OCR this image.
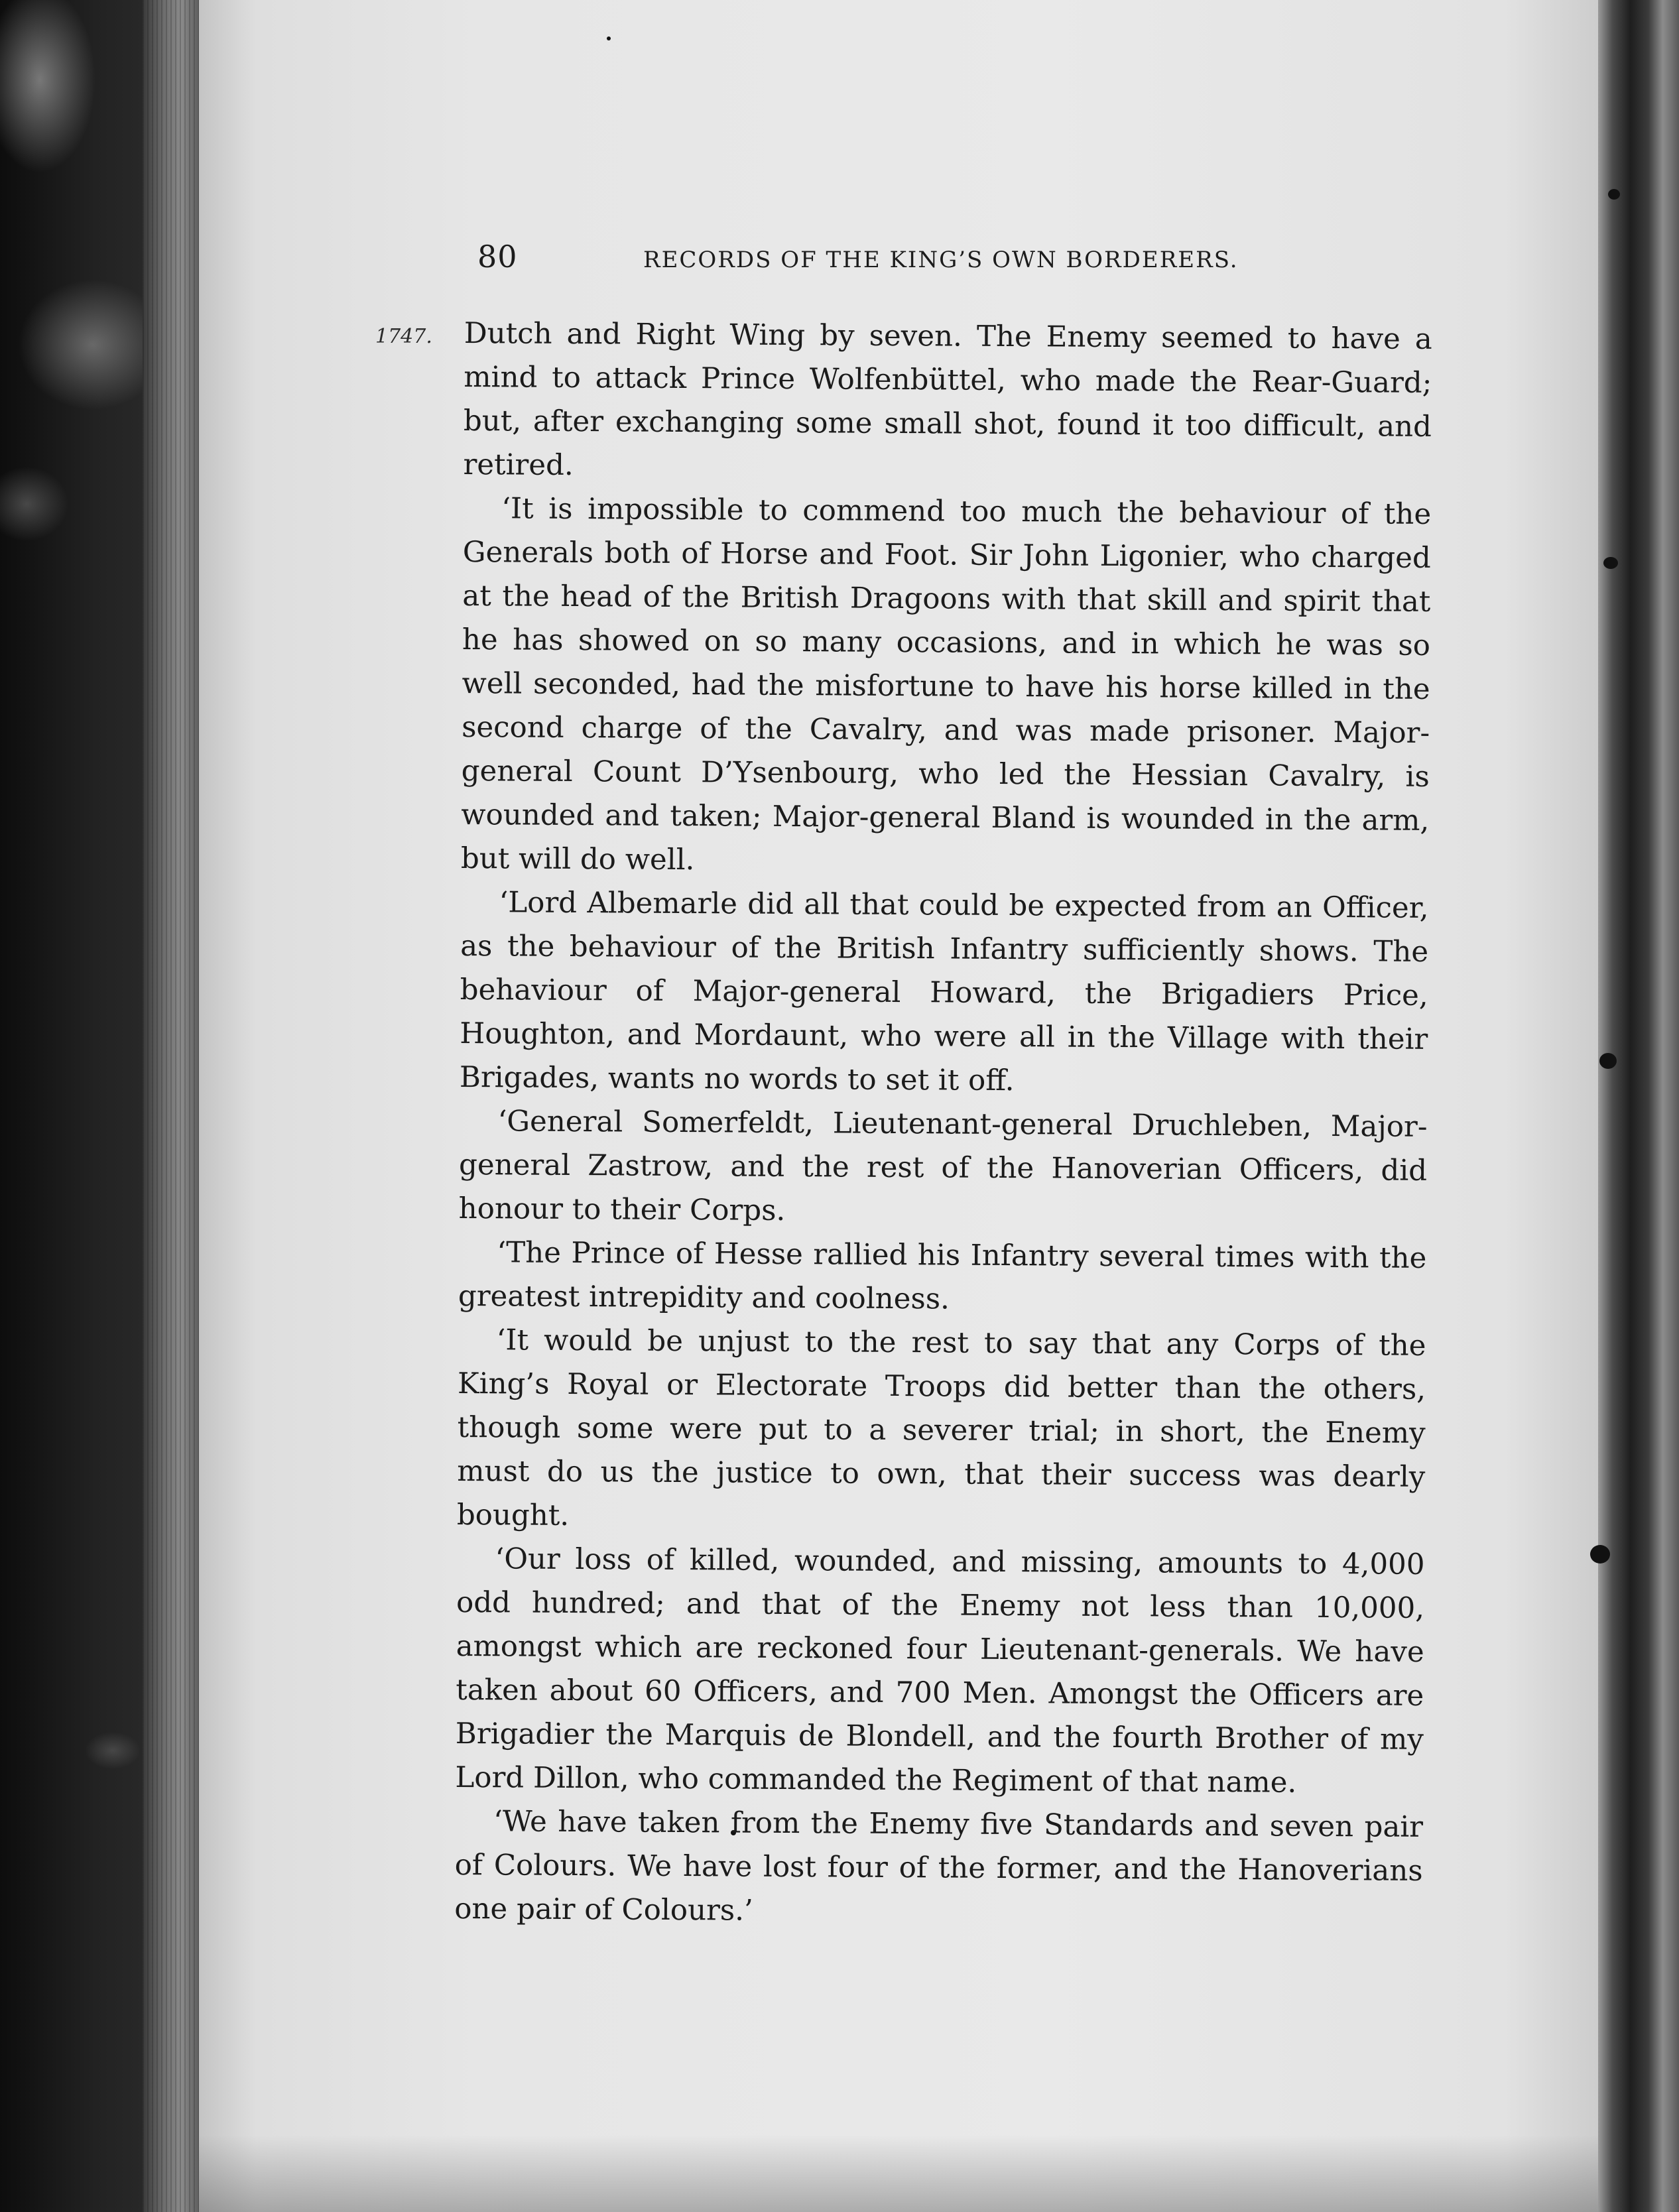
80	RECORDS OF THE KING’S OWN BORDERERS.
1747. Dutch and Right Wing by seven. The Enemy seemed to have a mind to attack Prince Wolfenbüttel, who made the Rear-Guard; but, after exchanging some small shot, found it too difficult, and retired.

‘It is impossible to commend too much the behaviour of the Generals both of Horse and Foot. Sir John Ligonier, who charged at the head of the British Dragoons with that skill and spirit that he has showed on so many occasions, and in which he was so well seconded, had the misfortune to have his horse killed in the second charge of the Cavalry, and was made prisoner. Major-general Count D’Ysenbourg, who led the Hessian Cavalry, is wounded and taken; Major-general Bland is wounded in the arm, but will do well.

‘Lord Albemarle did all that could be expected from an Officer, as the behaviour of the British Infantry sufficiently shows. The behaviour of Major-general Howard, the Brigadiers Price, Houghton, and Mordaunt, who were all in the Village with their Brigades, wants no words to set it off.

‘General Somerfeldt, Lieutenant-general Druchleben, Major-general Zastrow, and the rest of the Hanoverian Officers, did honour to their Corps.

‘The Prince of Hesse rallied his Infantry several times with the greatest intrepidity and coolness.

‘It would be unjust to the rest to say that any Corps of the King’s Royal or Electorate Troops did better than the others, though some were put to a severer trial; in short, the Enemy must do us the justice to own, that their success was dearly bought.

‘Our loss of killed, wounded, and missing, amounts to 4,000 odd hundred; and that of the Enemy not less than 10,000, amongst which are reckoned four Lieutenant-generals. We have taken about 60 Officers, and 700 Men. Amongst the Officers are Brigadier the Marquis de Blondell, and the fourth Brother of my Lord Dillon, who commanded the Regiment of that name.

‘We have taken from the Enemy five Standards and seven pair of Colours. We have lost four of the former, and the Hanoverians one pair of Colours.’
